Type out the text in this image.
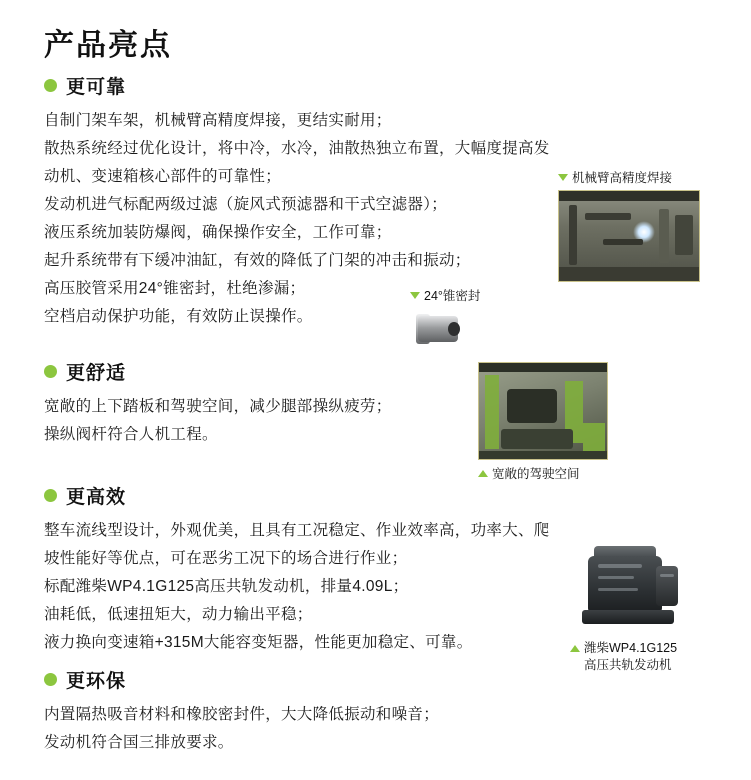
产品亮点
更可靠
自制门架车架，机械臂高精度焊接，更结实耐用；
散热系统经过优化设计，将中冷，水冷，油散热独立布置，大幅度提高发
动机、变速箱核心部件的可靠性；
发动机进气标配两级过滤（旋风式预滤器和干式空滤器）；
液压系统加装防爆阀，确保操作安全，工作可靠；
起升系统带有下缓冲油缸，有效的降低了门架的冲击和振动；
高压胶管采用24°锥密封，杜绝渗漏；
空档启动保护功能，有效防止误操作。
机械臂高精度焊接
24°锥密封
更舒适
宽敞的上下踏板和驾驶空间，减少腿部操纵疲劳；
操纵阀杆符合人机工程。
宽敞的驾驶空间
更高效
整车流线型设计，外观优美，且具有工况稳定、作业效率高，功率大、爬
坡性能好等优点，可在恶劣工况下的场合进行作业；
标配潍柴WP4.1G125高压共轨发动机，排量4.09L；
油耗低，低速扭矩大，动力输出平稳；
液力换向变速箱+315M大能容变矩器，性能更加稳定、可靠。	潍柴WP4.1G125
高压共轨发动机
更环保
内置隔热吸音材料和橡胶密封件，大大降低振动和噪音；
发动机符合国三排放要求。
